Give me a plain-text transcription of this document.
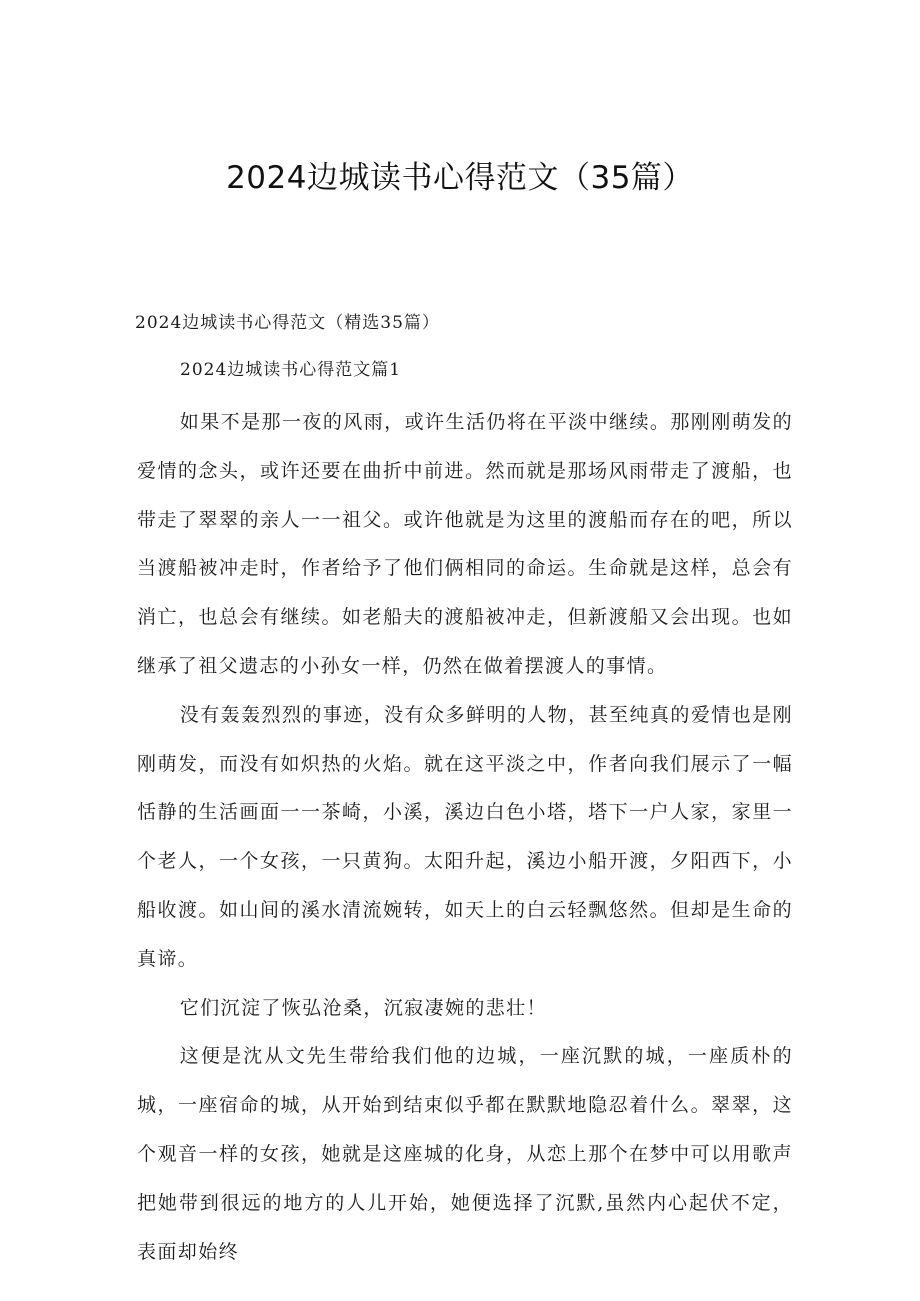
2024边城读书心得范文（35篇）
2024边城读书心得范文（精选35篇）
2024边城读书心得范文篇1

如果不是那一夜的风雨，或许生活仍将在平淡中继续。那刚刚萌发的爱情的念头，或许还要在曲折中前进。然而就是那场风雨带走了渡船，也带走了翠翠的亲人一一祖父。或许他就是为这里的渡船而存在的吧，所以当渡船被冲走时，作者给予了他们俩相同的命运。生命就是这样，总会有消亡，也总会有继续。如老船夫的渡船被冲走，但新渡船又会出现。也如继承了祖父遗志的小孙女一样，仍然在做着摆渡人的事情。

没有轰轰烈烈的事迹，没有众多鲜明的人物，甚至纯真的爱情也是刚刚萌发，而没有如炽热的火焰。就在这平淡之中，作者向我们展示了一幅恬静的生活画面一一茶崎，小溪，溪边白色小塔，塔下一户人家，家里一个老人，一个女孩，一只黄狗。太阳升起，溪边小船开渡，夕阳西下，小船收渡。如山间的溪水清流婉转，如天上的白云轻飘悠然。但却是生命的真谛。

它们沉淀了恢弘沧桑，沉寂凄婉的悲壮！

这便是沈从文先生带给我们他的边城，一座沉默的城，一座质朴的城，一座宿命的城，从开始到结束似乎都在默默地隐忍着什么。翠翠，这个观音一样的女孩，她就是这座城的化身，从恋上那个在梦中可以用歌声把她带到很远的地方的人儿开始，她便选择了沉默,虽然内心起伏不定，表面却始终
